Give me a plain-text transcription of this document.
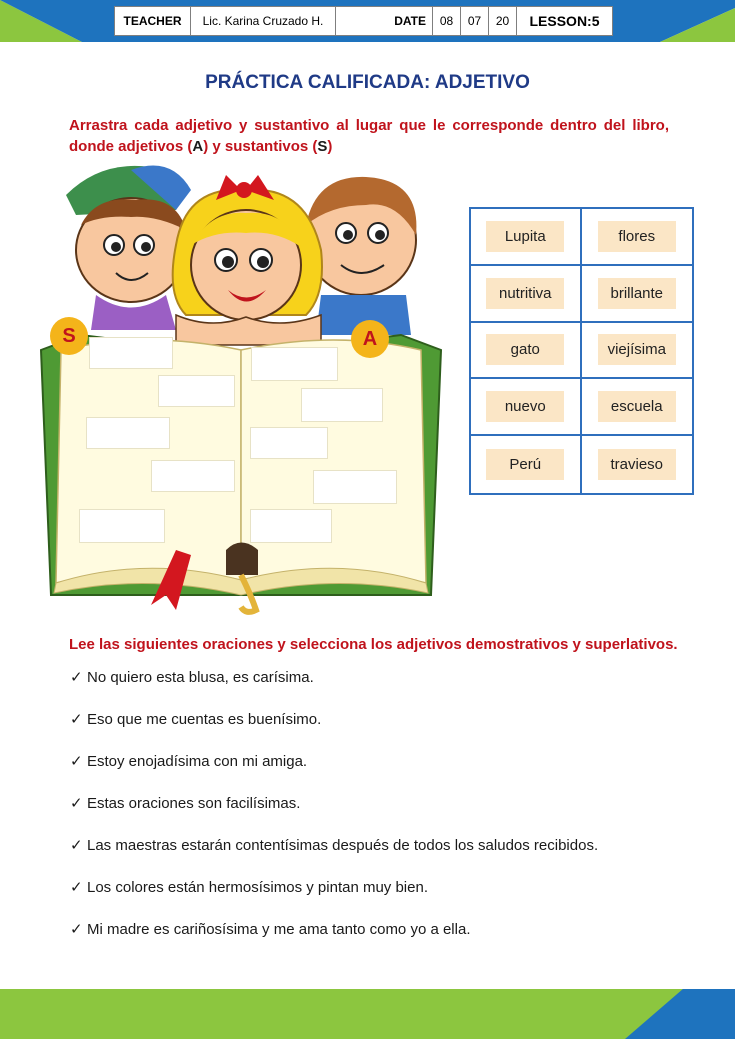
TEACHER	Lic. Karina Cruzado H.	DATE	08	07	20	LESSON:5
PRÁCTICA CALIFICADA: ADJETIVO
Arrastra cada adjetivo y sustantivo al lugar que le corresponde dentro del libro, donde adjetivos (A) y sustantivos (S)
S	A
Lupita	flores
nutritiva	brillante
gato	viejísima
nuevo	escuela
Perú	travieso
Lee las siguientes oraciones y selecciona los adjetivos demostrativos y superlativos.
✓ No quiero esta blusa, es carísima.
✓ Eso que me cuentas es buenísimo.
✓ Estoy enojadísima con mi amiga.
✓ Estas oraciones son facilísimas.
✓ Las maestras estarán contentísimas después de todos los saludos recibidos.
✓ Los colores están hermosísimos y pintan muy bien.
✓ Mi madre es cariñosísima y me ama tanto como yo a ella.
